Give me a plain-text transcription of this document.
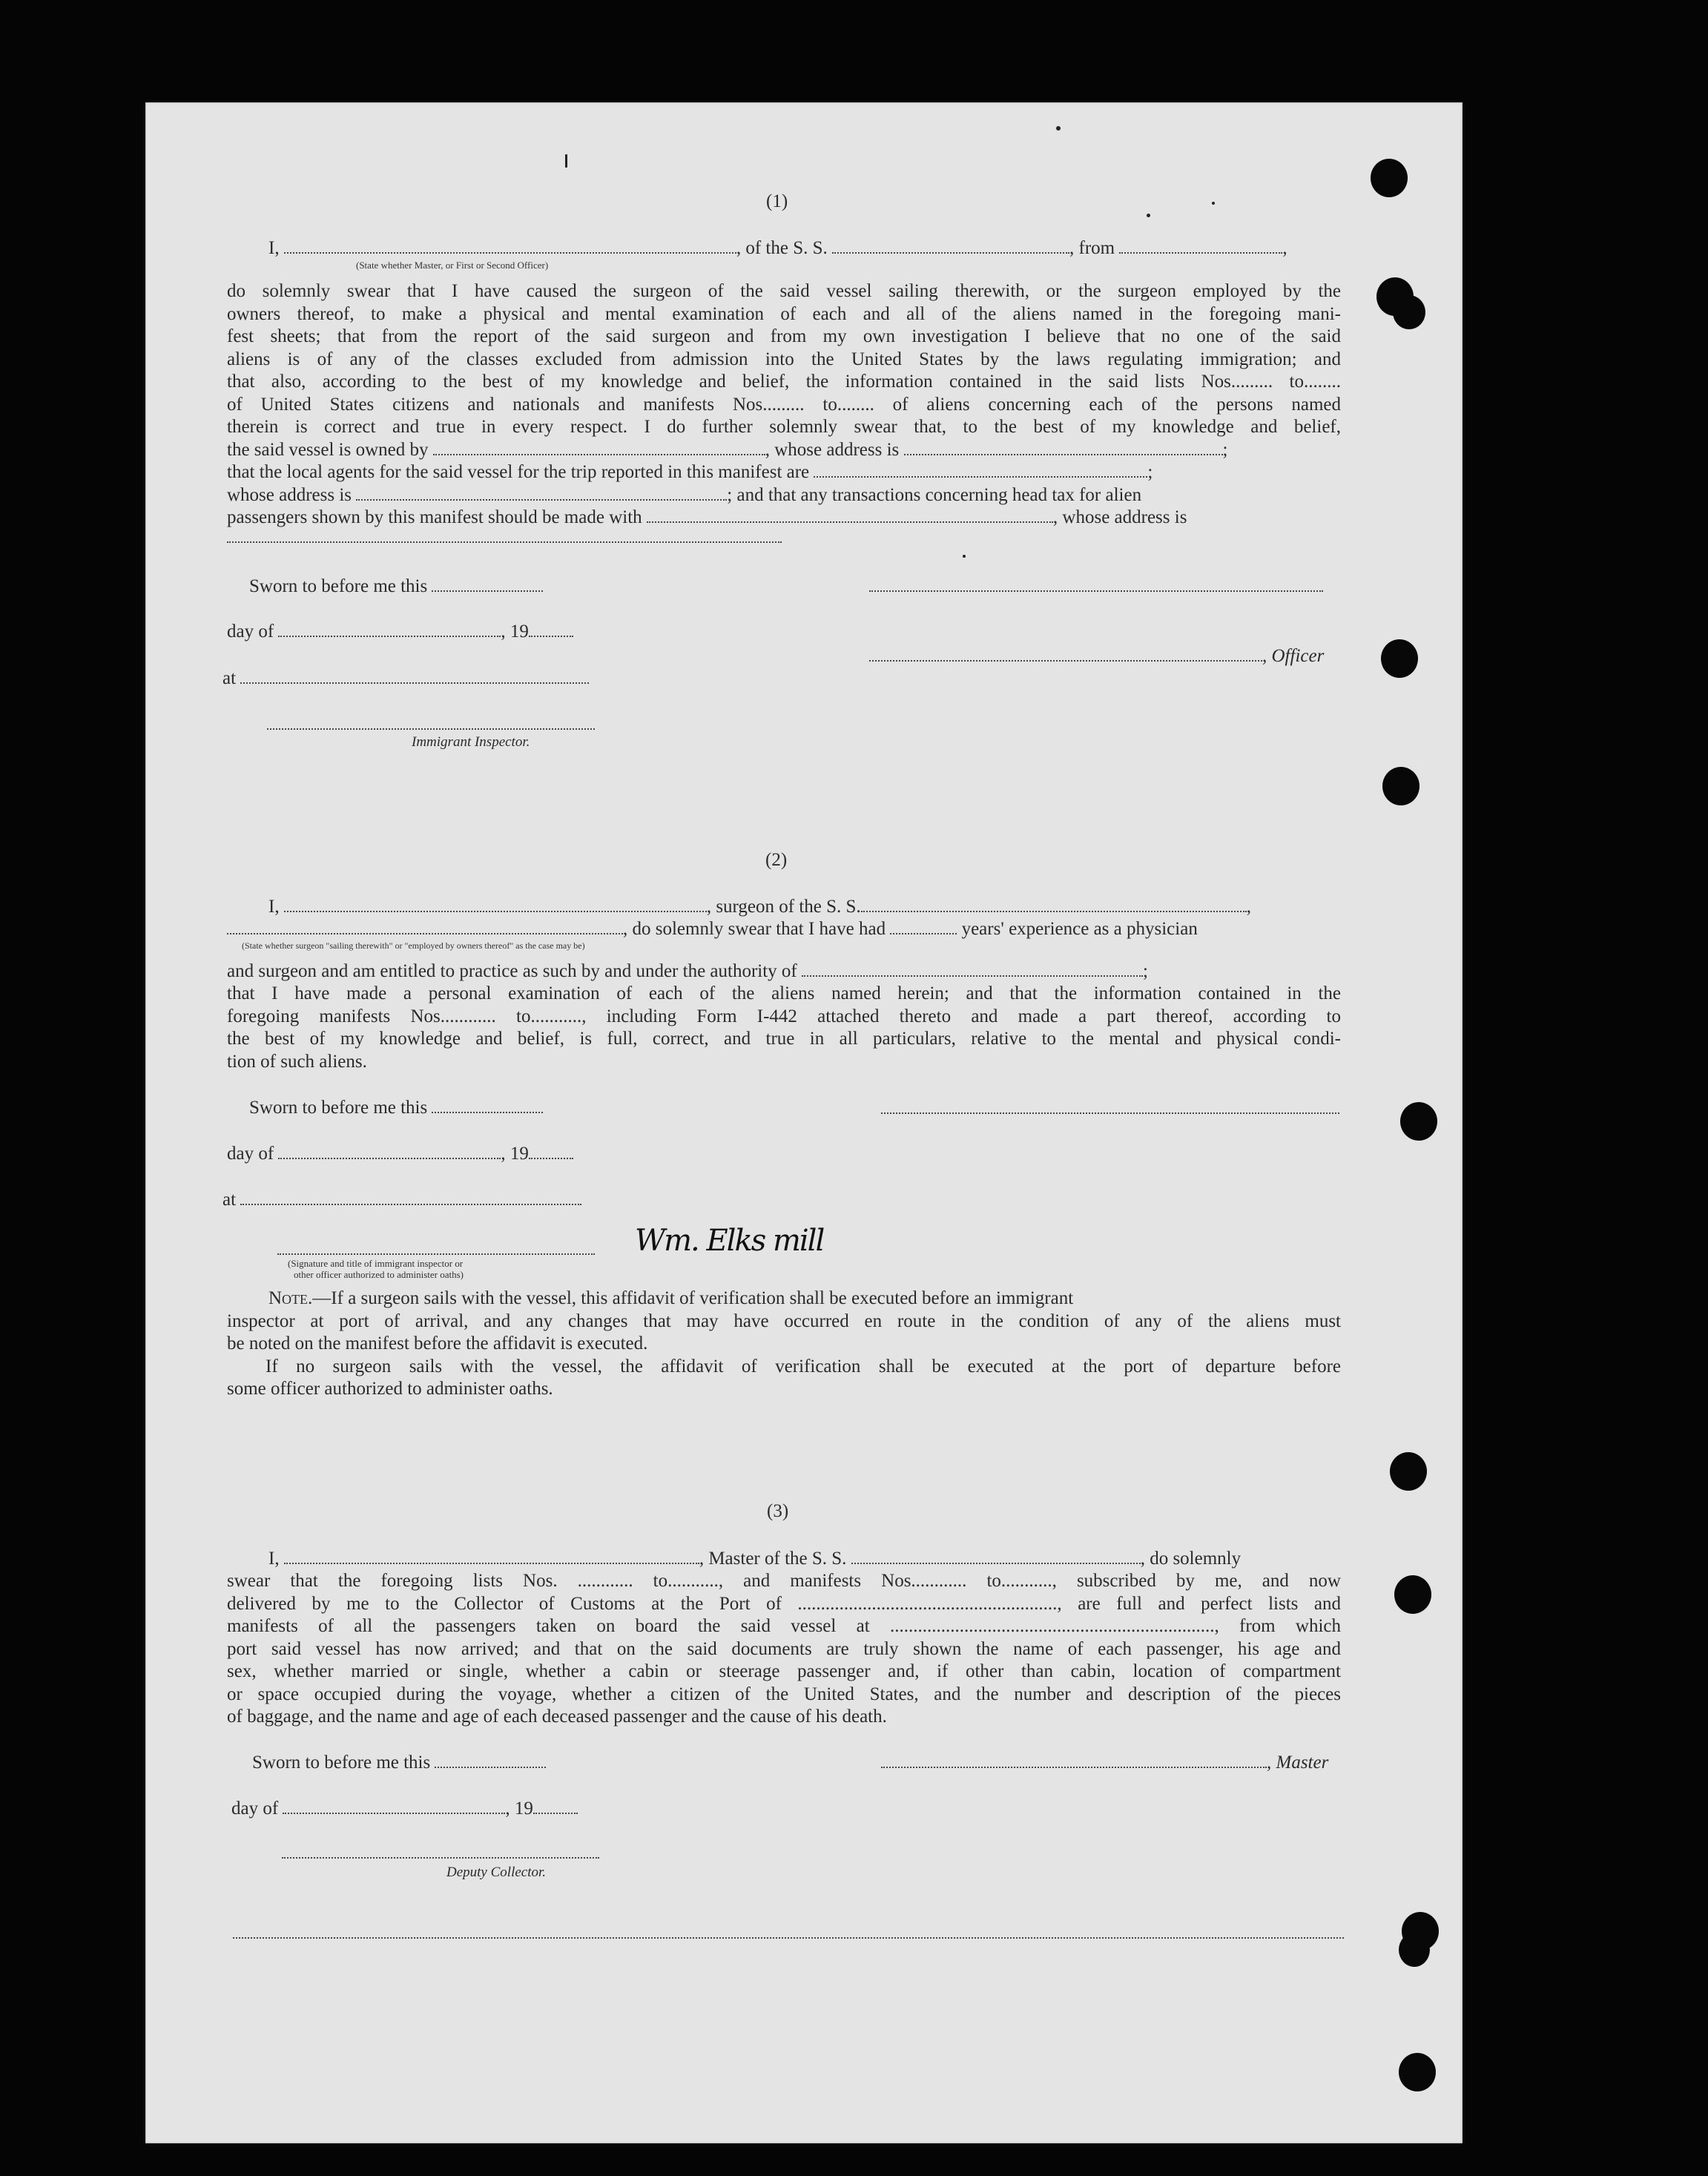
(1)
I,	, of the S. S.	, from	,
(State whether Master, or First or Second Officer)
do solemnly swear that I have caused the surgeon of the said vessel sailing therewith, or the surgeon employed by the
owners thereof, to make a physical and mental examination of each and all of the aliens named in the foregoing mani-
fest sheets; that from the report of the said surgeon and from my own investigation I believe that no one of the said
aliens is of any of the classes excluded from admission into the United States by the laws regulating immigration; and
that also, according to the best of my knowledge and belief, the information contained in the said lists Nos......... to........
of United States citizens and nationals and manifests Nos......... to........ of aliens concerning each of the persons named
therein is correct and true in every respect. I do further solemnly swear that, to the best of my knowledge and belief,
the said vessel is owned by	, whose address is	;
that the local agents for the said vessel for the trip reported in this manifest are	;
whose address is	; and that any transactions concerning head tax for alien
passengers shown by this manifest should be made with	, whose address is
Sworn to before me this
day of	, 19
, Officer
at
Immigrant Inspector.
(2)
I,	, surgeon of the S. S.	,
, do solemnly swear that I have had	years' experience as a physician
(State whether surgeon "sailing therewith" or "employed by owners thereof" as the case may be)
and surgeon and am entitled to practice as such by and under the authority of	;
that I have made a personal examination of each of the aliens named herein; and that the information contained in the
foregoing manifests Nos............ to..........., including Form I-442 attached thereto and made a part thereof, according to
the best of my knowledge and belief, is full, correct, and true in all particulars, relative to the mental and physical condi-
tion of such aliens.
Sworn to before me this
day of	, 19
at
(Signature and title of immigrant inspector or
other officer authorized to administer oaths)
Wm. Elks mill
Note.—If a surgeon sails with the vessel, this affidavit of verification shall be executed before an immigrant
inspector at port of arrival, and any changes that may have occurred en route in the condition of any of the aliens must
be noted on the manifest before the affidavit is executed.
If no surgeon sails with the vessel, the affidavit of verification shall be executed at the port of departure before
some officer authorized to administer oaths.
(3)
I,	, Master of the S. S.	, do solemnly
swear that the foregoing lists Nos. ............ to..........., and manifests Nos............ to..........., subscribed by me, and now
delivered by me to the Collector of Customs at the Port of ........................................................, are full and perfect lists and
manifests of all the passengers taken on board the said vessel at ......................................................................, from which
port said vessel has now arrived; and that on the said documents are truly shown the name of each passenger, his age and
sex, whether married or single, whether a cabin or steerage passenger and, if other than cabin, location of compartment
or space occupied during the voyage, whether a citizen of the United States, and the number and description of the pieces
of baggage, and the name and age of each deceased passenger and the cause of his death.
Sworn to before me this	, Master
day of	, 19
Deputy Collector.
